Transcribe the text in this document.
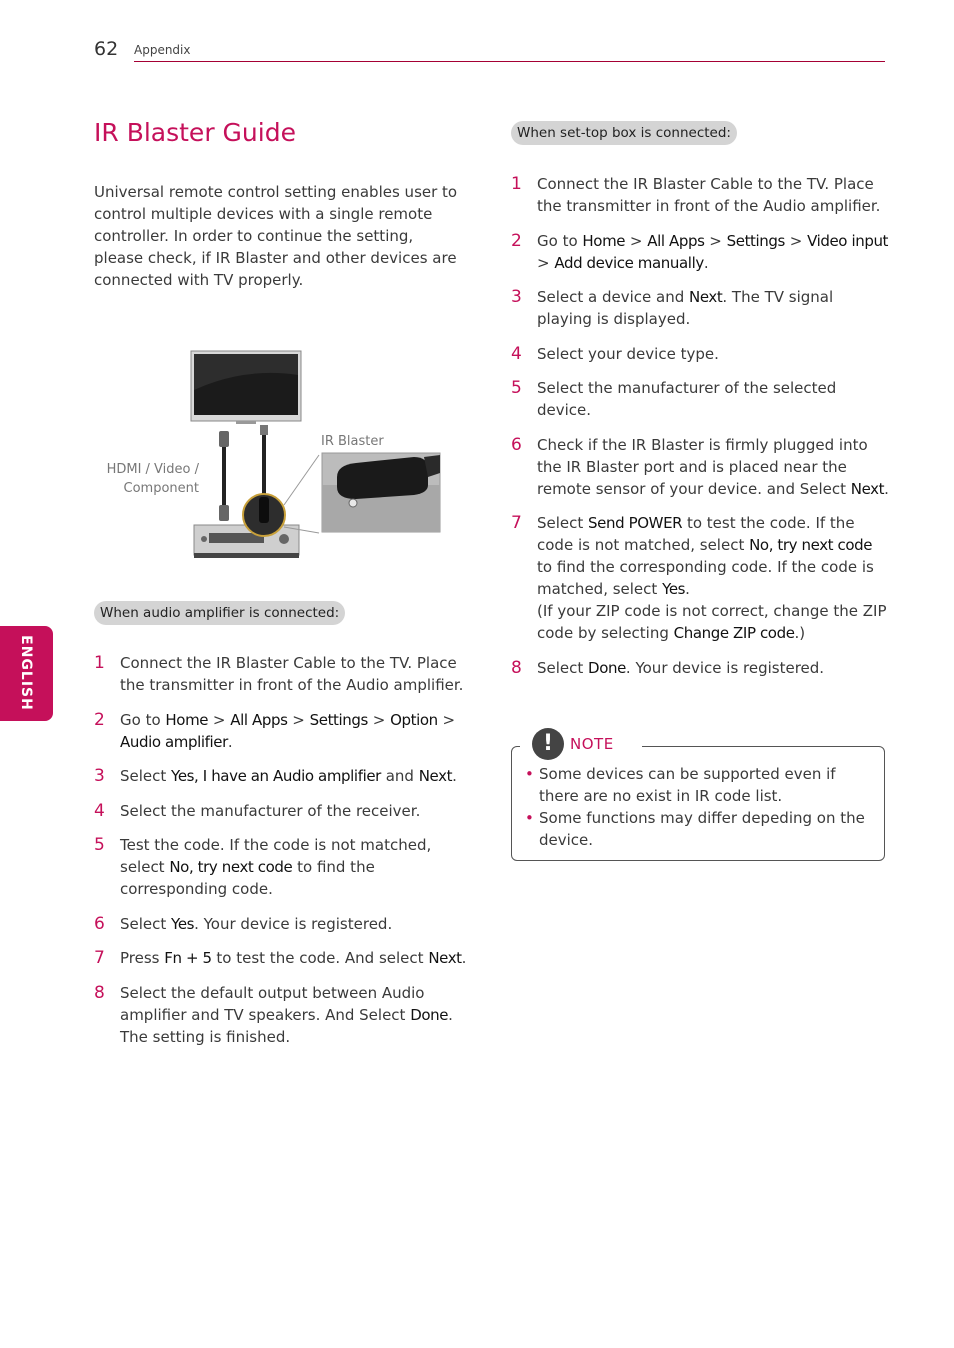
62 Appendix
ENGLISH
IR Blaster Guide
Universal remote control setting enables user to control multiple devices with a single remote controller. In order to continue the setting, please check, if IR Blaster and other devices are connected with TV properly.
IR Blaster
HDMI / Video /
Component
When audio amplifier is connected:
1 Connect the IR Blaster Cable to the TV. Place the transmitter in front of the Audio amplifier.
2 Go to Home > All Apps > Settings > Option > Audio amplifier.
3 Select Yes, I have an Audio amplifier and Next.
4 Select the manufacturer of the receiver.
5 Test the code. If the code is not matched, select No, try next code to find the corresponding code.
6 Select Yes. Your device is registered.
7 Press Fn + 5 to test the code. And select Next.
8 Select the default output between Audio amplifier and TV speakers. And Select Done. The setting is finished.
When set-top box is connected:
1 Connect the IR Blaster Cable to the TV. Place the transmitter in front of the Audio amplifier.
2 Go to Home > All Apps > Settings > Video input > Add device manually.
3 Select a device and Next. The TV signal playing is displayed.
4 Select your device type.
5 Select the manufacturer of the selected device.
6 Check if the IR Blaster is firmly plugged into the IR Blaster port and is placed near the remote sensor of your device. and Select Next.
7 Select Send POWER to test the code. If the code is not matched, select No, try next code to find the corresponding code. If the code is matched, select Yes.
(If your ZIP code is not correct, change the ZIP code by selecting Change ZIP code.)
8 Select Done. Your device is registered.
!	NOTE
• Some devices can be supported even if there are no exist in IR code list.
• Some functions may differ depeding on the device.
